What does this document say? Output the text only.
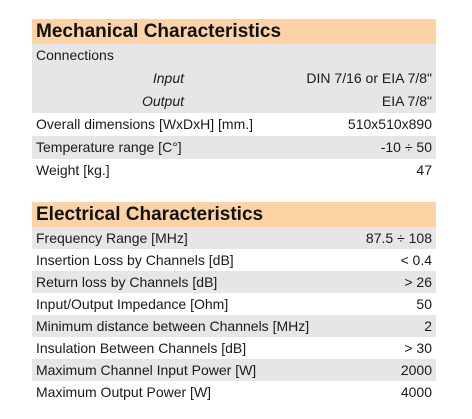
Mechanical Characteristics
Connections
Input	DIN 7/16 or EIA 7/8"
Output	EIA 7/8"
Overall dimensions [WxDxH] [mm.]	510x510x890
Temperature range [C°]	-10 ÷ 50
Weight [kg.]	47
Electrical Characteristics
Frequency Range [MHz]	87.5 ÷ 108
Insertion Loss by Channels [dB]	< 0.4
Return loss by Channels [dB]	> 26
Input/Output Impedance [Ohm]	50
Minimum distance between Channels [MHz]	2
Insulation Between Channels [dB]	> 30
Maximum Channel Input Power [W]	2000
Maximum Output Power [W]	4000
